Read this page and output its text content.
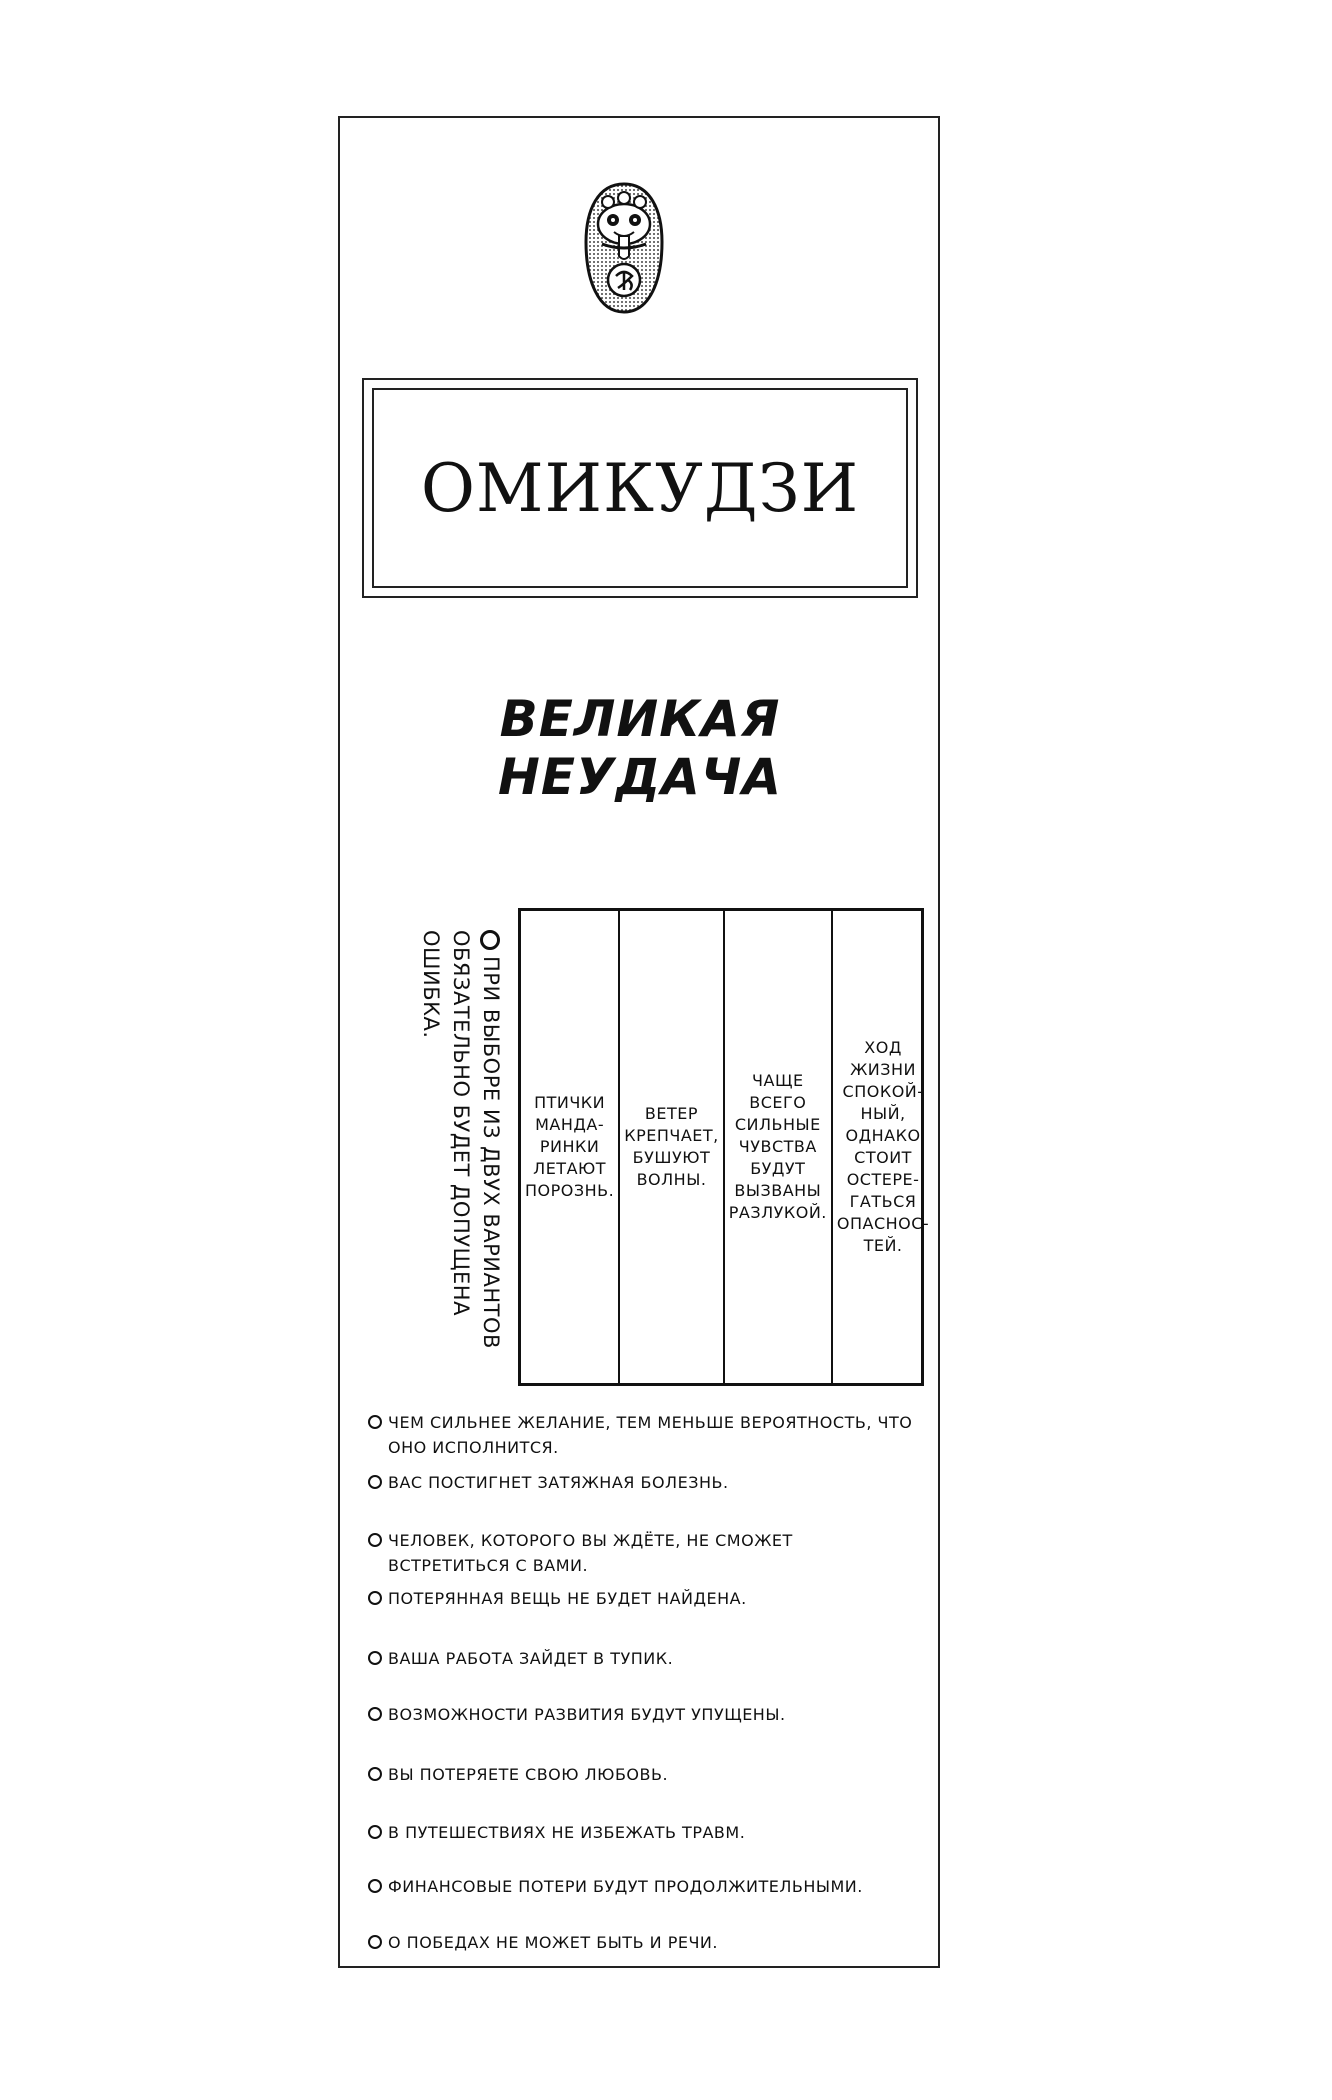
ОМИКУДЗИ
ВЕЛИКАЯ НЕУДАЧА
ПРИ ВЫБОРЕ ИЗ ДВУХ ВАРИАНТОВ ОБЯЗАТЕЛЬНО БУДЕТ ДОПУЩЕНА ОШИБКА.
ПТИЧКИ
МАНДА-
РИНКИ
ЛЕТАЮТ
ПОРОЗНЬ.
ВЕТЕР
КРЕПЧАЕТ,
БУШУЮТ
ВОЛНЫ.
ЧАЩЕ
ВСЕГО
СИЛЬНЫЕ
ЧУВСТВА
БУДУТ
ВЫЗВАНЫ
РАЗЛУКОЙ.
ХОД
ЖИЗНИ
СПОКОЙ-
НЫЙ,
ОДНАКО
СТОИТ
ОСТЕРЕ-
ГАТЬСЯ
ОПАСНОС-
ТЕЙ.
ЧЕМ СИЛЬНЕЕ ЖЕЛАНИЕ, ТЕМ МЕНЬШЕ ВЕРОЯТНОСТЬ, ЧТО ОНО ИСПОЛНИТСЯ.
ВАС ПОСТИГНЕТ ЗАТЯЖНАЯ БОЛЕЗНЬ.
ЧЕЛОВЕК, КОТОРОГО ВЫ ЖДЁТЕ, НЕ СМОЖЕТ ВСТРЕТИТЬСЯ С ВАМИ.
ПОТЕРЯННАЯ ВЕЩЬ НЕ БУДЕТ НАЙДЕНА.
ВАША РАБОТА ЗАЙДЕТ В ТУПИК.
ВОЗМОЖНОСТИ РАЗВИТИЯ БУДУТ УПУЩЕНЫ.
ВЫ ПОТЕРЯЕТЕ СВОЮ ЛЮБОВЬ.
В ПУТЕШЕСТВИЯХ НЕ ИЗБЕЖАТЬ ТРАВМ.
ФИНАНСОВЫЕ ПОТЕРИ БУДУТ ПРОДОЛЖИТЕЛЬНЫМИ.
О ПОБЕДАХ НЕ МОЖЕТ БЫТЬ И РЕЧИ.
